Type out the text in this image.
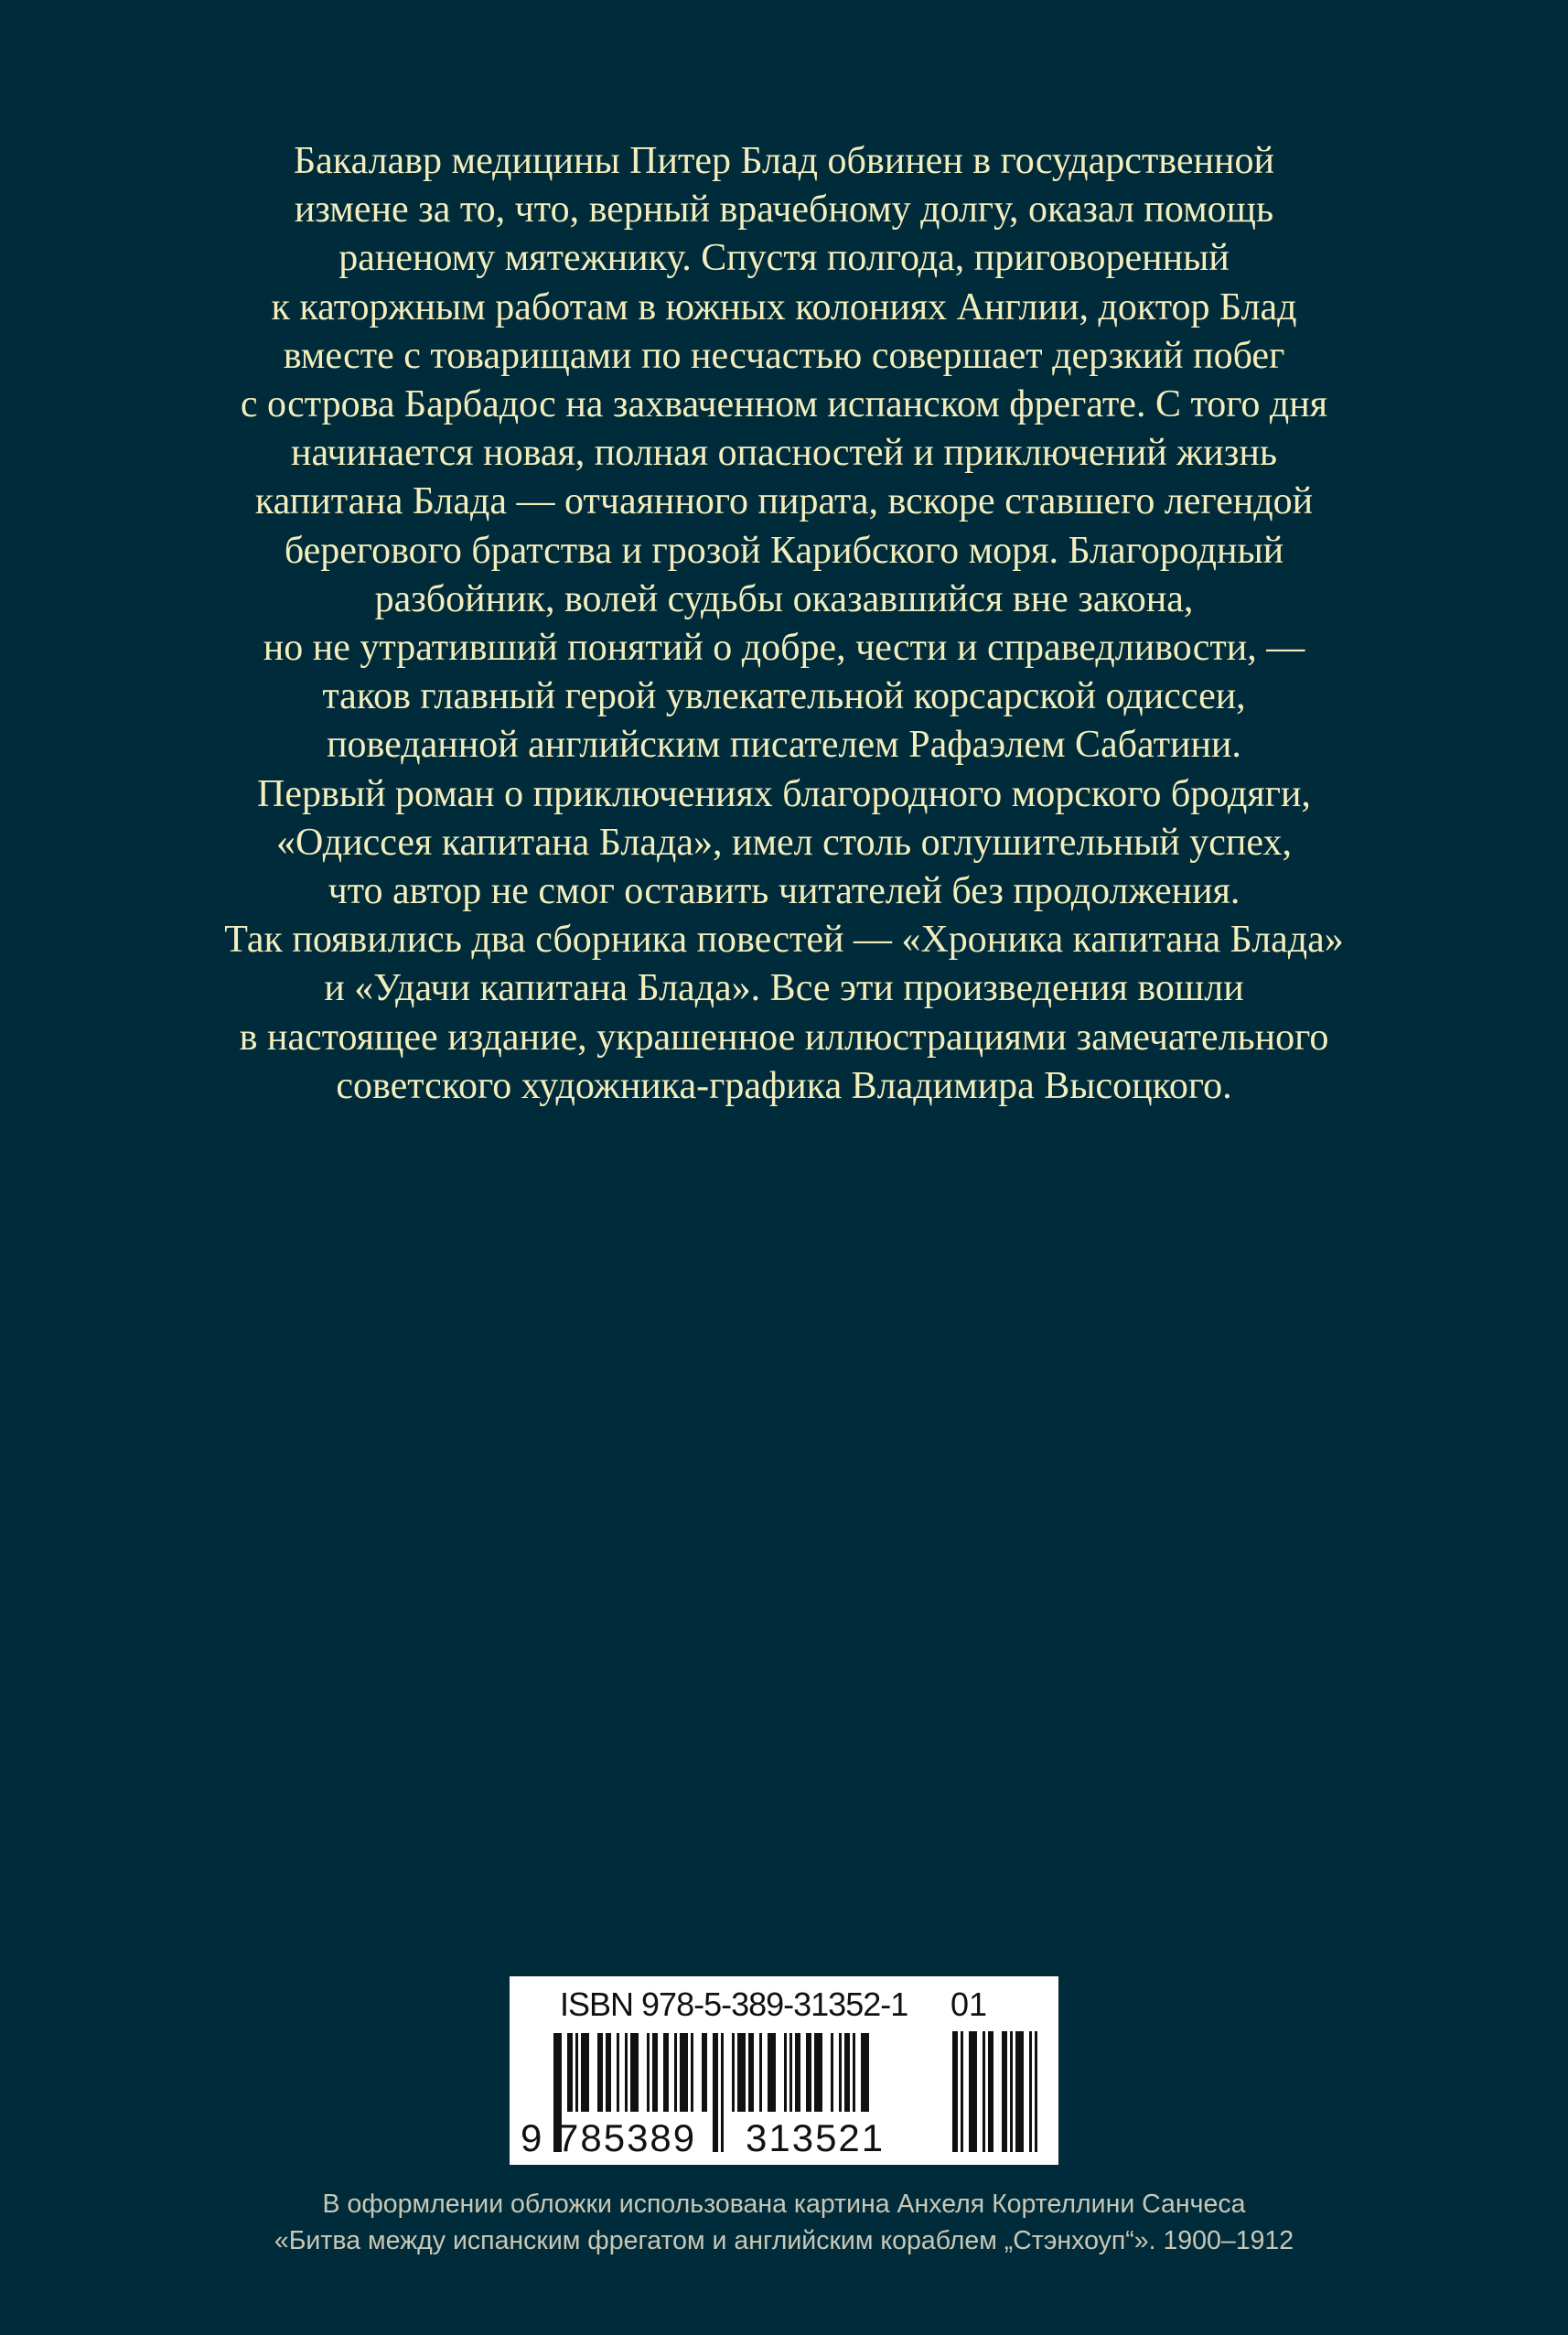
Бакалавр медицины Питер Блад обвинен в государственной
измене за то, что, верный врачебному долгу, оказал помощь
раненому мятежнику. Спустя полгода, приговоренный
к каторжным работам в южных колониях Англии, доктор Блад
вместе с товарищами по несчастью совершает дерзкий побег
с острова Барбадос на захваченном испанском фрегате. С того дня
начинается новая, полная опасностей и приключений жизнь
капитана Блада — отчаянного пирата, вскоре ставшего легендой
берегового братства и грозой Карибского моря. Благородный
разбойник, волей судьбы оказавшийся вне закона,
но не утративший понятий о добре, чести и справедливости, —
таков главный герой увлекательной корсарской одиссеи,
поведанной английским писателем Рафаэлем Сабатини.
Первый роман о приключениях благородного морского бродяги,
«Одиссея капитана Блада», имел столь оглушительный успех,
что автор не смог оставить читателей без продолжения.
Так появились два сборника повестей — «Хроника капитана Блада»
и «Удачи капитана Блада». Все эти произведения вошли
в настоящее издание, украшенное иллюстрациями замечательного
советского художника-графика Владимира Высоцкого.
ISBN 978-5-389-31352-1 01
9 785389 313521
В оформлении обложки использована картина Анхеля Кортеллини Санчеса
«Битва между испанским фрегатом и английским кораблем „Стэнхоуп“». 1900–1912
